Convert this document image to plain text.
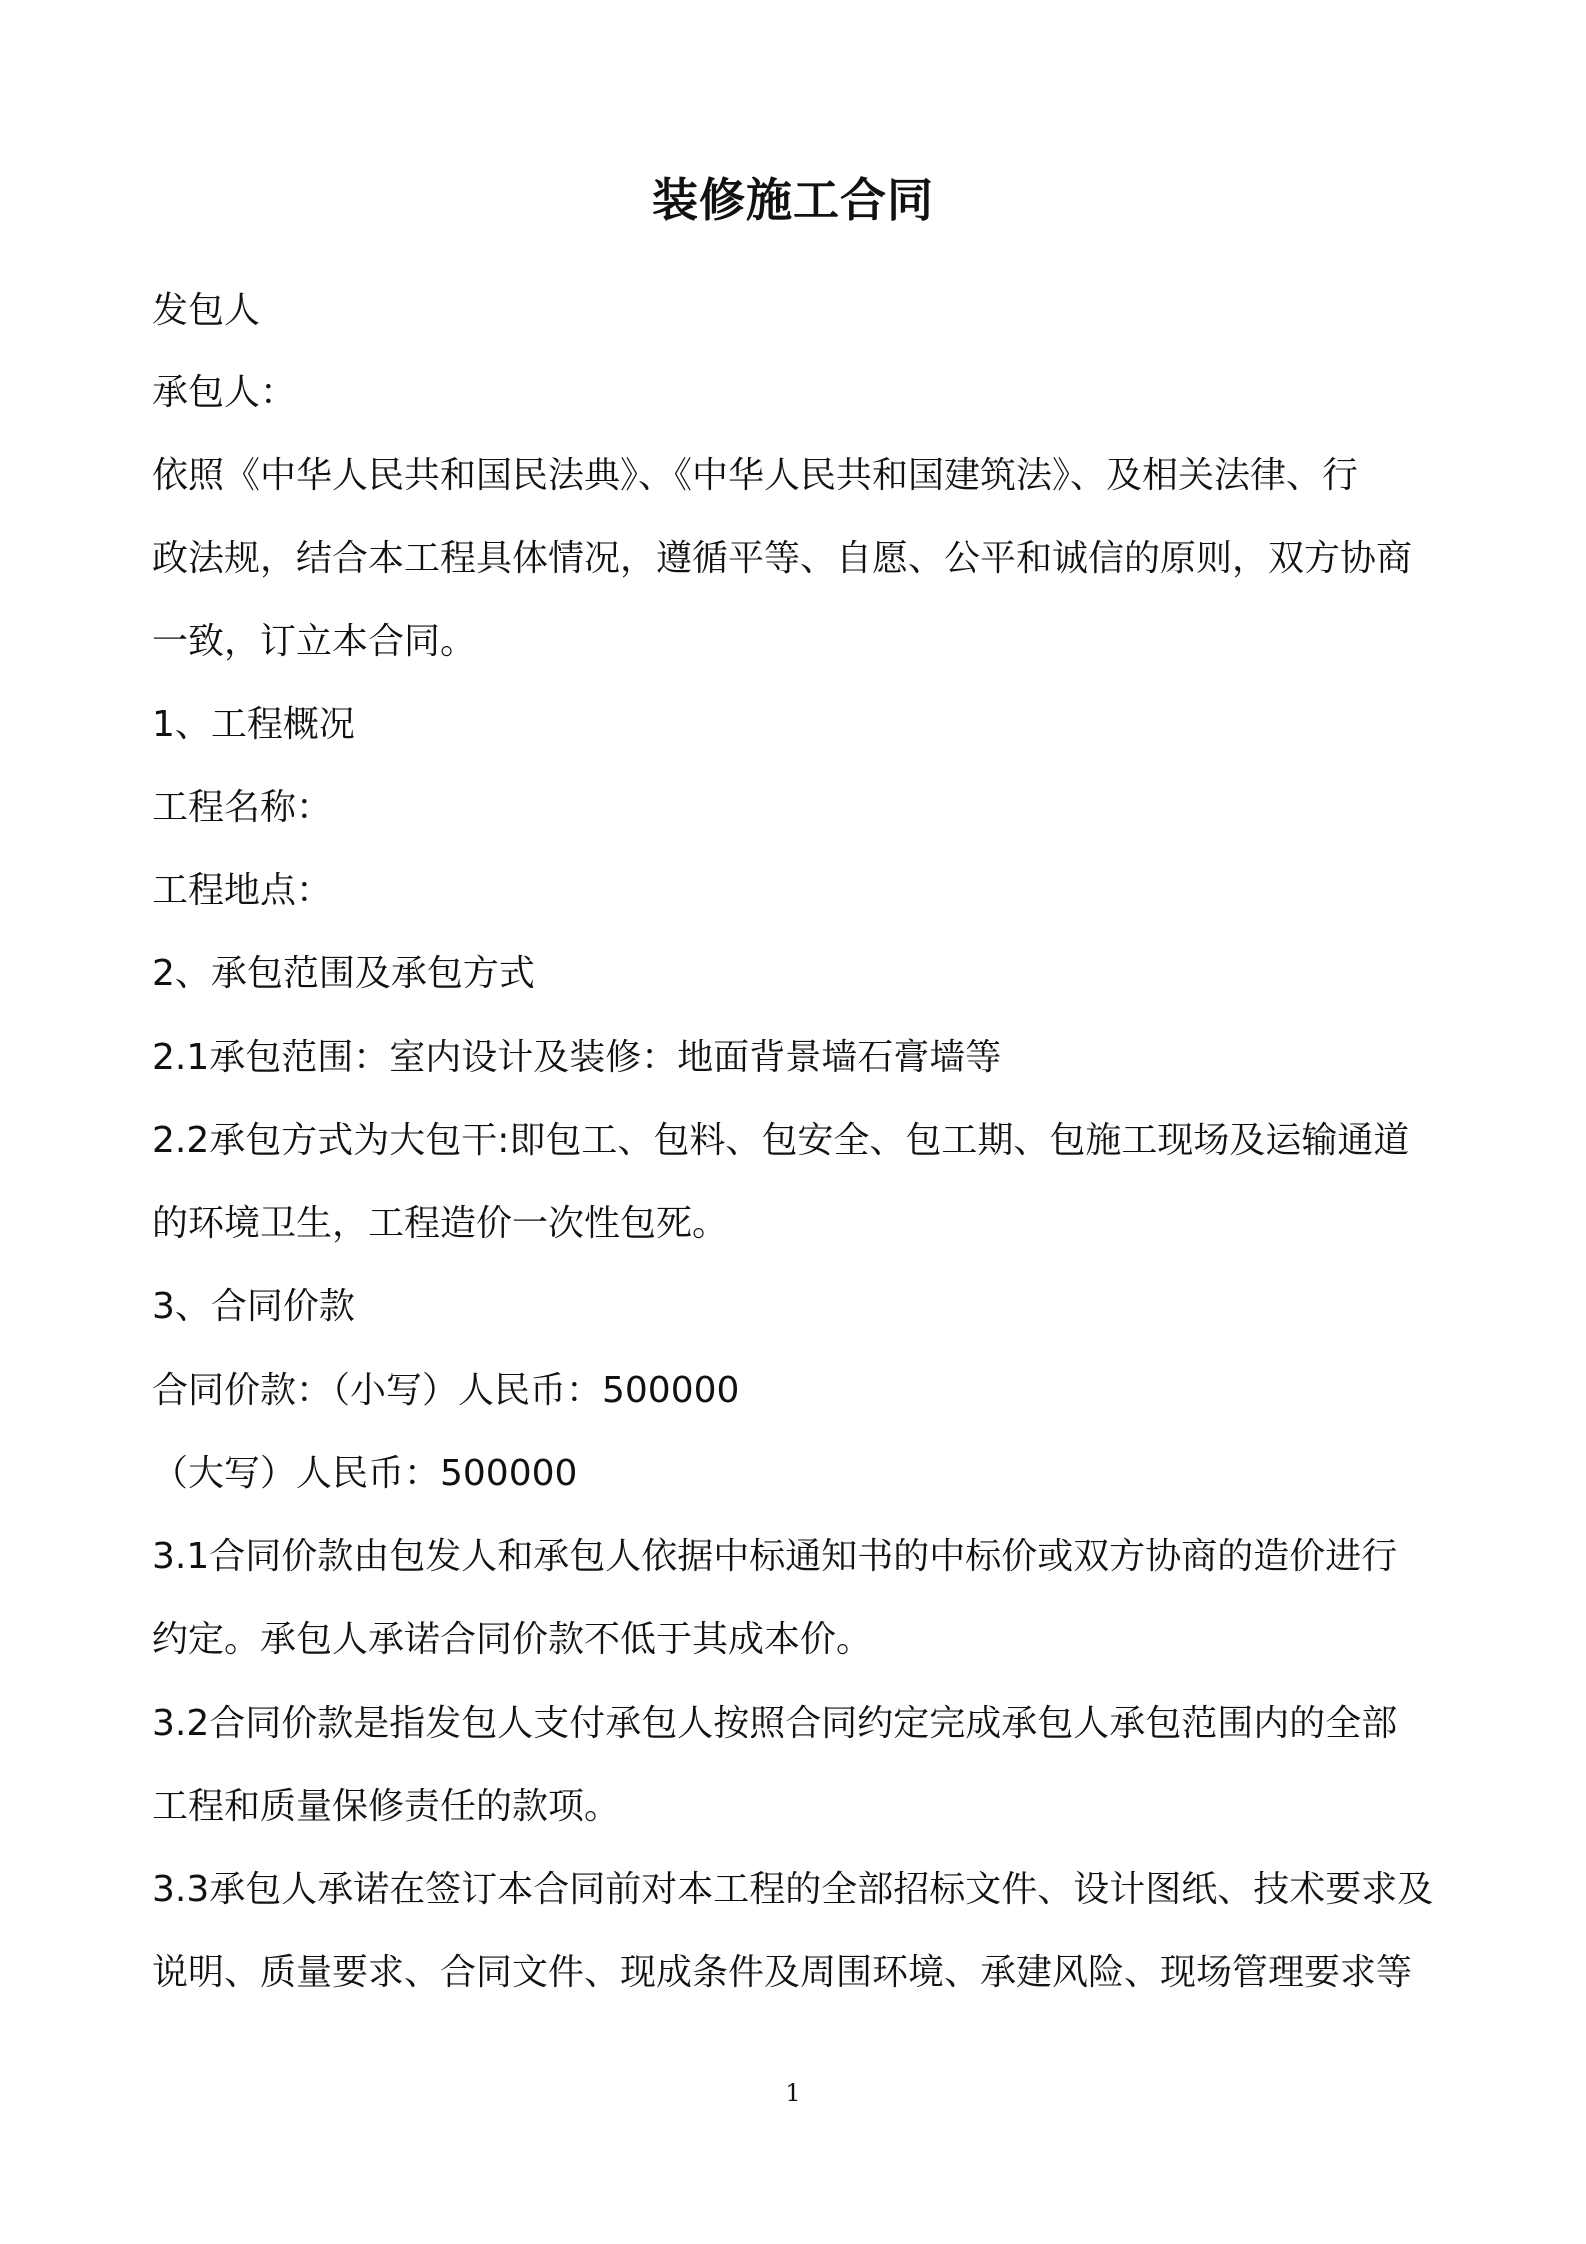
装修施工合同
发包人
承包人：
依照《中华人民共和国民法典》、《中华人民共和国建筑法》、及相关法律、行
政法规，结合本工程具体情况，遵循平等、自愿、公平和诚信的原则，双方协商
一致，订立本合同。
1、工程概况
工程名称：
工程地点：
2、承包范围及承包方式
2.1承包范围：室内设计及装修：地面背景墙石膏墙等
2.2承包方式为大包干:即包工、包料、包安全、包工期、包施工现场及运输通道
的环境卫生，工程造价一次性包死。
3、合同价款
合同价款：（小写）人民币：500000
（大写）人民币：500000
3.1合同价款由包发人和承包人依据中标通知书的中标价或双方协商的造价进行
约定。承包人承诺合同价款不低于其成本价。
3.2合同价款是指发包人支付承包人按照合同约定完成承包人承包范围内的全部
工程和质量保修责任的款项。
3.3承包人承诺在签订本合同前对本工程的全部招标文件、设计图纸、技术要求及
说明、质量要求、合同文件、现成条件及周围环境、承建风险、现场管理要求等
1
